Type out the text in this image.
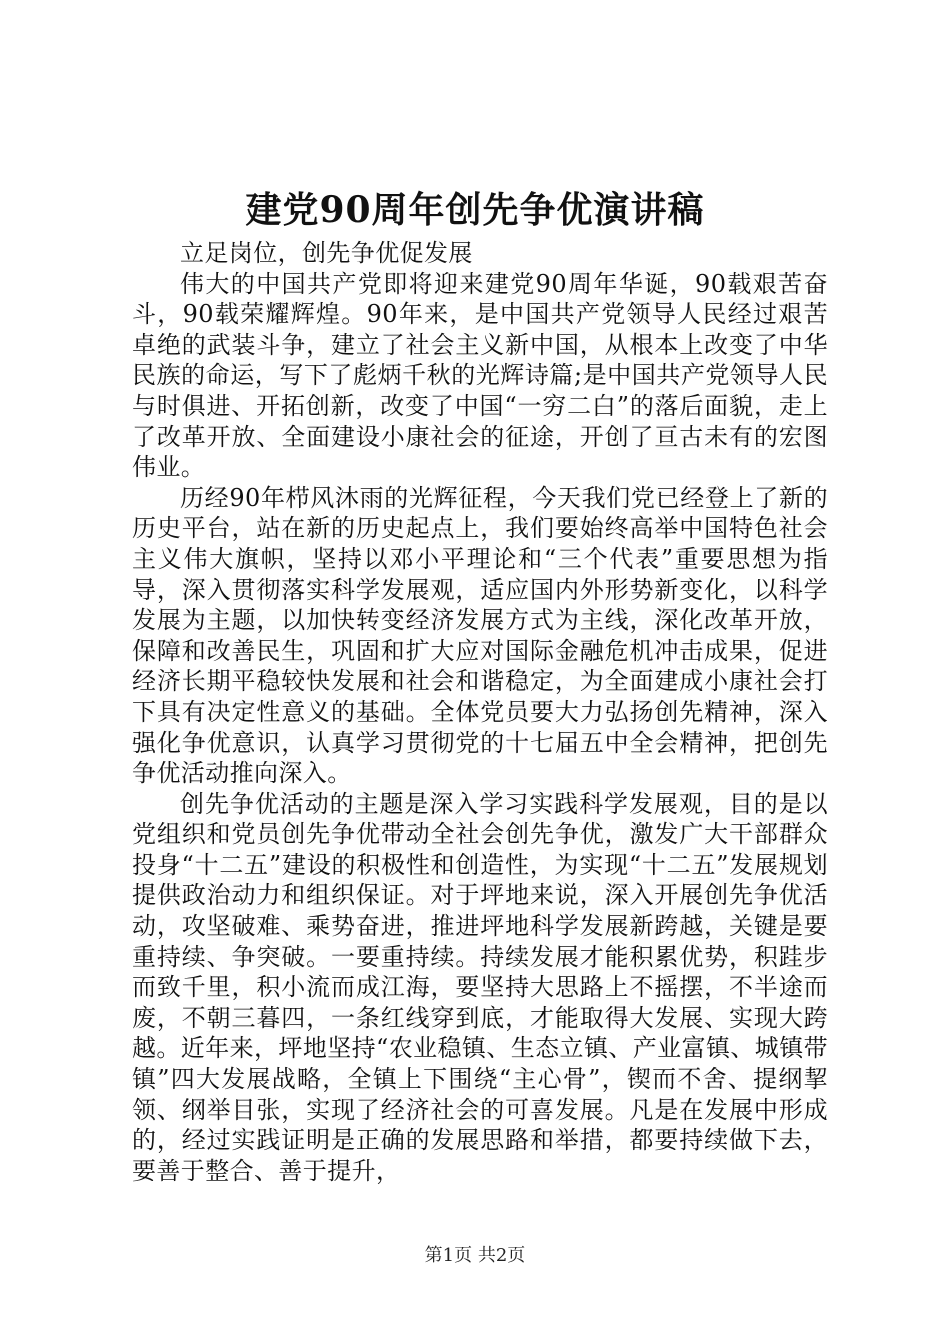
建党90周年创先争优演讲稿

立足岗位，创先争优促发展

伟大的中国共产党即将迎来建党90周年华诞，90载艰苦奋斗，90载荣耀辉煌。90年来，是中国共产党领导人民经过艰苦卓绝的武装斗争，建立了社会主义新中国，从根本上改变了中华民族的命运，写下了彪炳千秋的光辉诗篇;是中国共产党领导人民与时俱进、开拓创新，改变了中国“一穷二白”的落后面貌，走上了改革开放、全面建设小康社会的征途，开创了亘古未有的宏图伟业。

历经90年栉风沐雨的光辉征程，今天我们党已经登上了新的历史平台，站在新的历史起点上，我们要始终高举中国特色社会主义伟大旗帜，坚持以邓小平理论和“三个代表”重要思想为指导，深入贯彻落实科学发展观，适应国内外形势新变化，以科学发展为主题，以加快转变经济发展方式为主线，深化改革开放，保障和改善民生，巩固和扩大应对国际金融危机冲击成果，促进经济长期平稳较快发展和社会和谐稳定，为全面建成小康社会打下具有决定性意义的基础。全体党员要大力弘扬创先精神，深入强化争优意识，认真学习贯彻党的十七届五中全会精神，把创先争优活动推向深入。

创先争优活动的主题是深入学习实践科学发展观，目的是以党组织和党员创先争优带动全社会创先争优，激发广大干部群众投身“十二五”建设的积极性和创造性，为实现“十二五”发展规划提供政治动力和组织保证。对于坪地来说，深入开展创先争优活动，攻坚破难、乘势奋进，推进坪地科学发展新跨越，关键是要重持续、争突破。一要重持续。持续发展才能积累优势，积跬步而致千里，积小流而成江海，要坚持大思路上不摇摆，不半途而废，不朝三暮四，一条红线穿到底，才能取得大发展、实现大跨越。近年来，坪地坚持“农业稳镇、生态立镇、产业富镇、城镇带镇”四大发展战略，全镇上下围绕“主心骨”，锲而不舍、提纲挈领、纲举目张，实现了经济社会的可喜发展。凡是在发展中形成的，经过实践证明是正确的发展思路和举措，都要持续做下去，要善于整合、善于提升，

第1页 共2页
